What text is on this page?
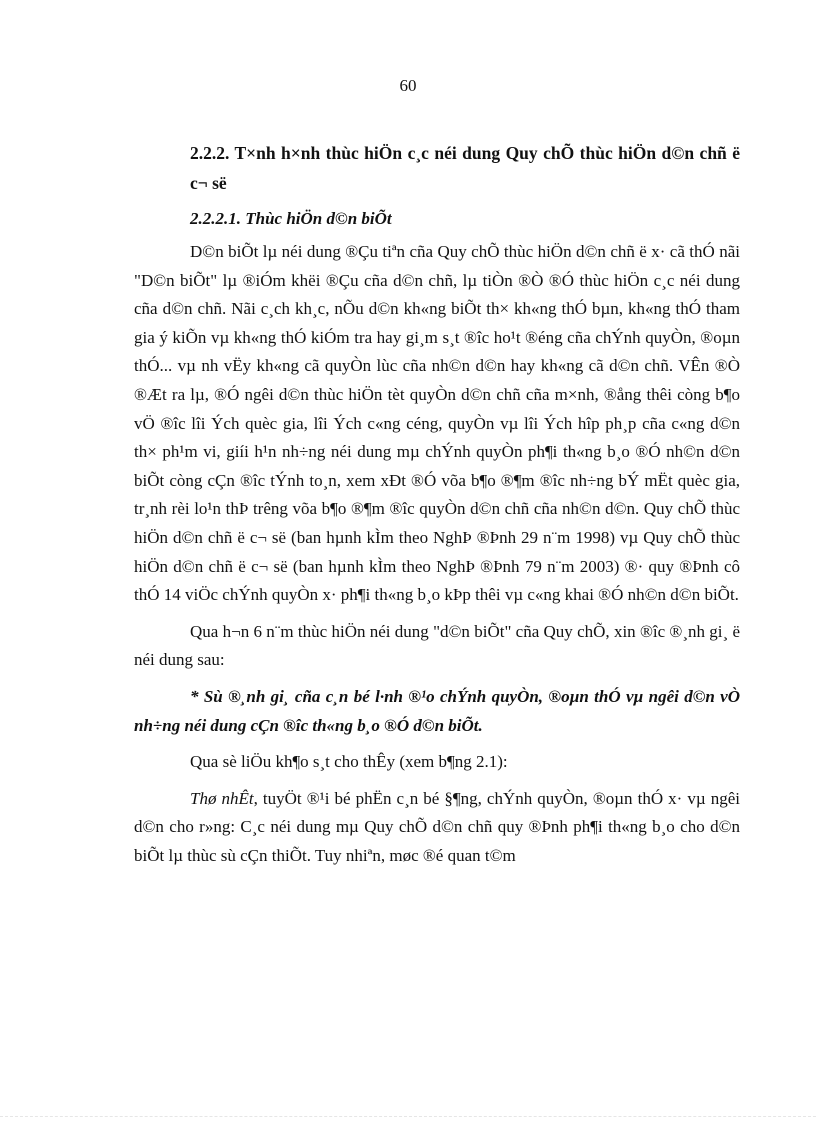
60

2.2.2. T×nh h×nh thùc hiÖn c¸c néi dung Quy chÕ thùc hiÖn d©n chñ ë c¬ së

2.2.2.1. Thùc hiÖn d©n biÕt

D©n biÕt lµ néi dung ®Çu tiªn cña Quy chÕ thùc hiÖn d©n chñ ë x· cã thÓ nãi "D©n biÕt" lµ ®iÓm khëi ®Çu cña d©n chñ, lµ tiÒn ®Ò ®Ó thùc hiÖn c¸c néi dung cña d©n chñ. Nãi c¸ch kh¸c, nÕu d©n kh«ng biÕt th× kh«ng thÓ bµn, kh«ng thÓ tham gia ý kiÕn vµ kh«ng thÓ kiÓm tra hay gi¸m s¸t ®îc ho¹t ®éng cña chÝnh quyÒn, ®oµn thÓ... vµ nh vËy kh«ng cã quyÒn lùc cña nh©n d©n hay kh«ng cã d©n chñ. VÊn ®Ò ®Æt ra lµ, ®Ó ngêi d©n thùc hiÖn tèt quyÒn d©n chñ cña m×nh, ®ång thêi còng b¶o vÖ ®îc lîi Ých quèc gia, lîi Ých c«ng céng, quyÒn vµ lîi Ých hîp ph¸p cña c«ng d©n th× ph¹m vi, giíi h¹n nh÷ng néi dung mµ chÝnh quyÒn ph¶i th«ng b¸o ®Ó nh©n d©n biÕt còng cÇn ®îc tÝnh to¸n, xem xÐt ®Ó võa b¶o ®¶m ®îc nh÷ng bÝ mËt quèc gia, tr¸nh rèi lo¹n thÞ trêng võa b¶o ®¶m ®îc quyÒn d©n chñ cña nh©n d©n. Quy chÕ thùc hiÖn d©n chñ ë c¬ së (ban hµnh kÌm theo NghÞ ®Þnh 29 n¨m 1998) vµ Quy chÕ thùc hiÖn d©n chñ ë c¬ së (ban hµnh kÌm theo NghÞ ®Þnh 79 n¨m 2003) ®· quy ®Þnh cô thÓ 14 viÖc chÝnh quyÒn x· ph¶i th«ng b¸o kÞp thêi vµ c«ng khai ®Ó nh©n d©n biÕt.

Qua h¬n 6 n¨m thùc hiÖn néi dung "d©n biÕt" cña Quy chÕ, xin ®îc ®¸nh gi¸ ë néi dung sau:

* Sù ®¸nh gi¸ cña c¸n bé l·nh ®¹o chÝnh quyÒn, ®oµn thÓ vµ ngêi d©n vÒ nh÷ng néi dung cÇn ®îc th«ng b¸o ®Ó d©n biÕt.

Qua sè liÖu kh¶o s¸t cho thÊy (xem b¶ng 2.1):

Thø nhÊt, tuyÖt ®¹i bé phËn c¸n bé §¶ng, chÝnh quyÒn, ®oµn thÓ x· vµ ngêi d©n cho r»ng: C¸c néi dung mµ Quy chÕ d©n chñ quy ®Þnh ph¶i th«ng b¸o cho d©n biÕt lµ thùc sù cÇn thiÕt. Tuy nhiªn, møc ®é quan t©m
